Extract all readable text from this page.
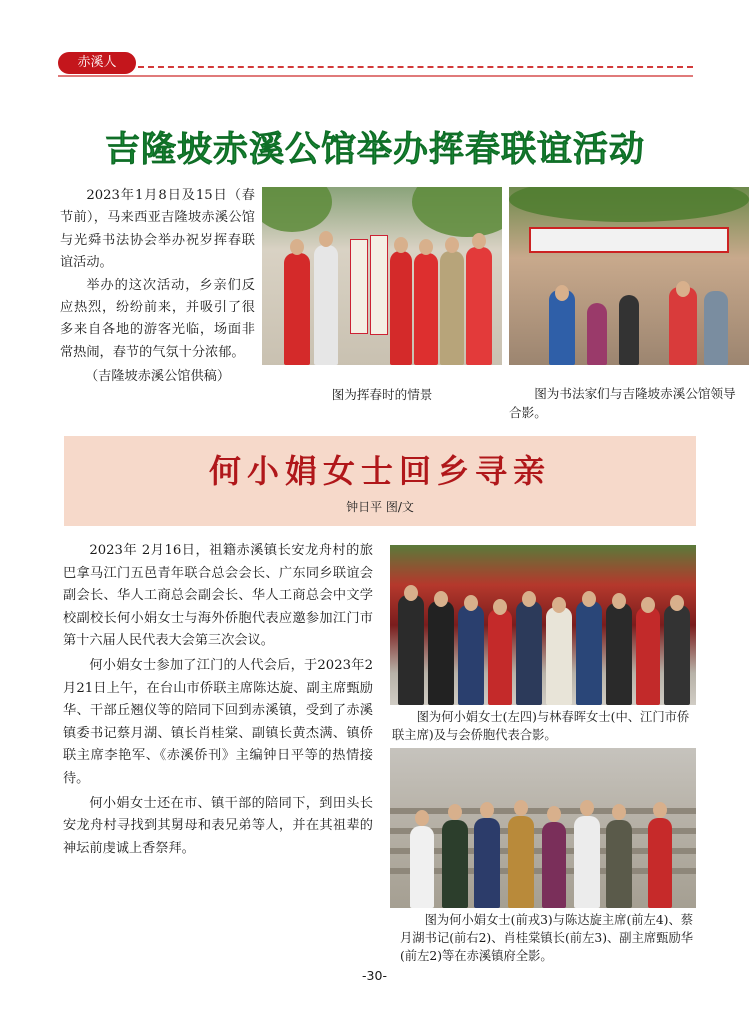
赤溪人
吉隆坡赤溪公馆举办挥春联谊活动

2023年1月8日及15日（春节前），马来西亚吉隆坡赤溪公馆与光舜书法协会举办祝岁挥春联谊活动。

举办的这次活动，乡亲们反应热烈，纷纷前来，并吸引了很多来自各地的游客光临，场面非常热闹，春节的气氛十分浓郁。

（吉隆坡赤溪公馆供稿）

图为挥春时的情景	图为书法家们与吉隆坡赤溪公馆领导合影。
何小娟女士回乡寻亲
钟日平 图/文

2023年 2月16日，祖籍赤溪镇长安龙舟村的旅巴拿马江门五邑青年联合总会会长、广东同乡联谊会副会长、华人工商总会副会长、华人工商总会中文学校副校长何小娟女士与海外侨胞代表应邀参加江门市第十六届人民代表大会第三次会议。

何小娟女士参加了江门的人代会后，于2023年2月21日上午，在台山市侨联主席陈达旋、副主席甄励华、干部丘翘仪等的陪同下回到赤溪镇，受到了赤溪镇委书记蔡月湖、镇长肖桂棠、副镇长黄杰满、镇侨联主席李艳军、《赤溪侨刊》主编钟日平等的热情接待。

何小娟女士还在市、镇干部的陪同下，到田头长安龙舟村寻找到其舅母和表兄弟等人，并在其祖辈的神坛前虔诚上香祭拜。

图为何小娟女士(左四)与林春晖女士(中、江门市侨联主席)及与会侨胞代表合影。
图为何小娟女士(前戎3)与陈达旋主席(前左4)、蔡月湖书记(前右2)、肖桂棠镇长(前左3)、副主席甄励华(前左2)等在赤溪镇府全影。
-30-
